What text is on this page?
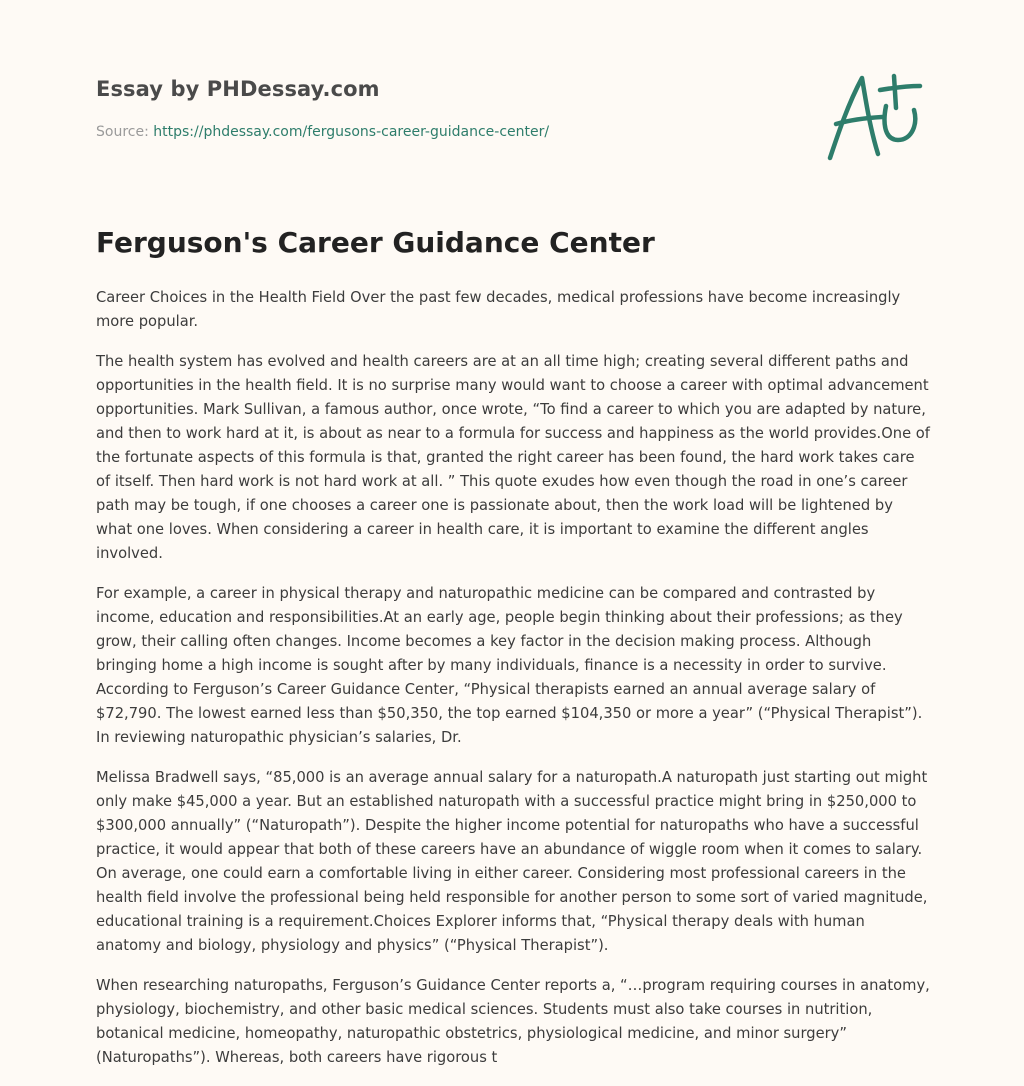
Essay by PHDessay.com

Source: https://phdessay.com/fergusons-career-guidance-center/

Ferguson's Career Guidance Center

Career Choices in the Health Field Over the past few decades, medical professions have become increasingly more popular.

The health system has evolved and health careers are at an all time high; creating several different paths and opportunities in the health field. It is no surprise many would want to choose a career with optimal advancement opportunities. Mark Sullivan, a famous author, once wrote, “To find a career to which you are adapted by nature, and then to work hard at it, is about as near to a formula for success and happiness as the world provides.One of the fortunate aspects of this formula is that, granted the right career has been found, the hard work takes care of itself. Then hard work is not hard work at all. ” This quote exudes how even though the road in one’s career path may be tough, if one chooses a career one is passionate about, then the work load will be lightened by what one loves. When considering a career in health care, it is important to examine the different angles involved.

For example, a career in physical therapy and naturopathic medicine can be compared and contrasted by income, education and responsibilities.At an early age, people begin thinking about their professions; as they grow, their calling often changes. Income becomes a key factor in the decision making process. Although bringing home a high income is sought after by many individuals, finance is a necessity in order to survive. According to Ferguson’s Career Guidance Center, “Physical therapists earned an annual average salary of $72,790. The lowest earned less than $50,350, the top earned $104,350 or more a year” (“Physical Therapist”). In reviewing naturopathic physician’s salaries, Dr.

Melissa Bradwell says, “85,000 is an average annual salary for a naturopath.A naturopath just starting out might only make $45,000 a year. But an established naturopath with a successful practice might bring in $250,000 to $300,000 annually” (“Naturopath”). Despite the higher income potential for naturopaths who have a successful practice, it would appear that both of these careers have an abundance of wiggle room when it comes to salary. On average, one could earn a comfortable living in either career. Considering most professional careers in the health field involve the professional being held responsible for another person to some sort of varied magnitude, educational training is a requirement.Choices Explorer informs that, “Physical therapy deals with human anatomy and biology, physiology and physics” (“Physical Therapist”).

When researching naturopaths, Ferguson’s Guidance Center reports a, “…program requiring courses in anatomy, physiology, biochemistry, and other basic medical sciences. Students must also take courses in nutrition, botanical medicine, homeopathy, naturopathic obstetrics, physiological medicine, and minor surgery” (Naturopaths”). Whereas, both careers have rigorous t
